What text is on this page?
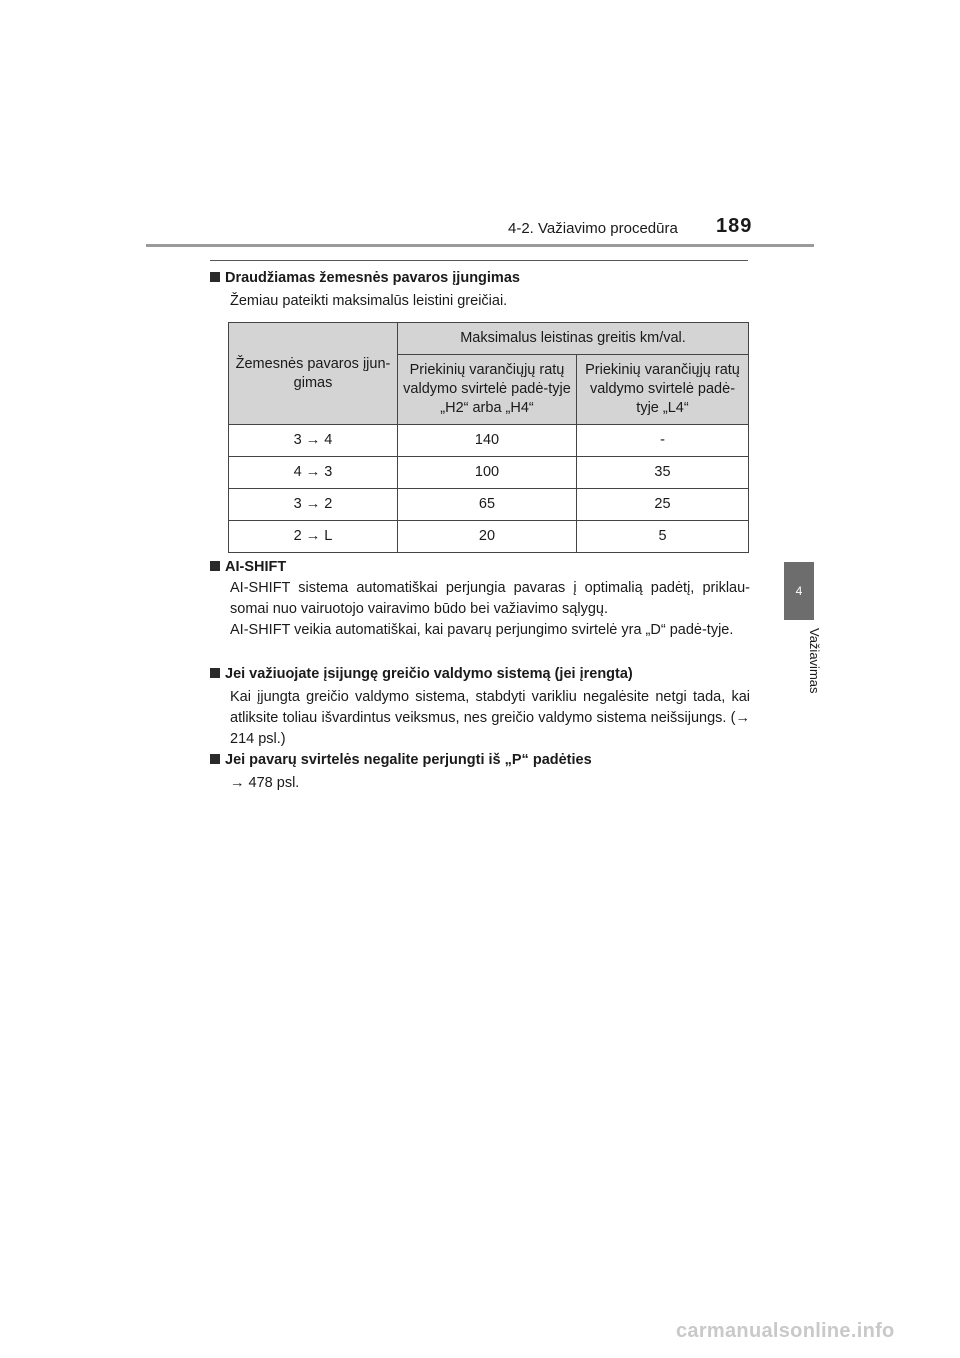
4-2. Važiavimo procedūra 189
4
Važiavimas
Draudžiamas žemesnės pavaros įjungimas
Žemiau pateikti maksimalūs leistini greičiai.
Žemesnės pavaros įjun-gimas	Maksimalus leistinas greitis km/val.	
	Priekinių varančiųjų ratų valdymo svirtelė padė-tyje „H2“ arba „H4“	Priekinių varančiųjų ratų valdymo svirtelė padė-tyje „L4“
3 → 4	140	-
4 → 3	100	35
3 → 2	65	25
2 → L	20	5
AI-SHIFT
AI-SHIFT sistema automatiškai perjungia pavaras į optimalią padėtį, priklau-somai nuo vairuotojo vairavimo būdo bei važiavimo sąlygų.
AI-SHIFT veikia automatiškai, kai pavarų perjungimo svirtelė yra „D“ padė-tyje.
Jei važiuojate įsijungę greičio valdymo sistemą (jei įrengta)
Kai įjungta greičio valdymo sistema, stabdyti varikliu negalėsite netgi tada, kai atliksite toliau išvardintus veiksmus, nes greičio valdymo sistema neišsijungs. (→ 214 psl.)
Jei pavarų svirtelės negalite perjungti iš „P“ padėties
→ 478 psl.
carmanualsonline.info
